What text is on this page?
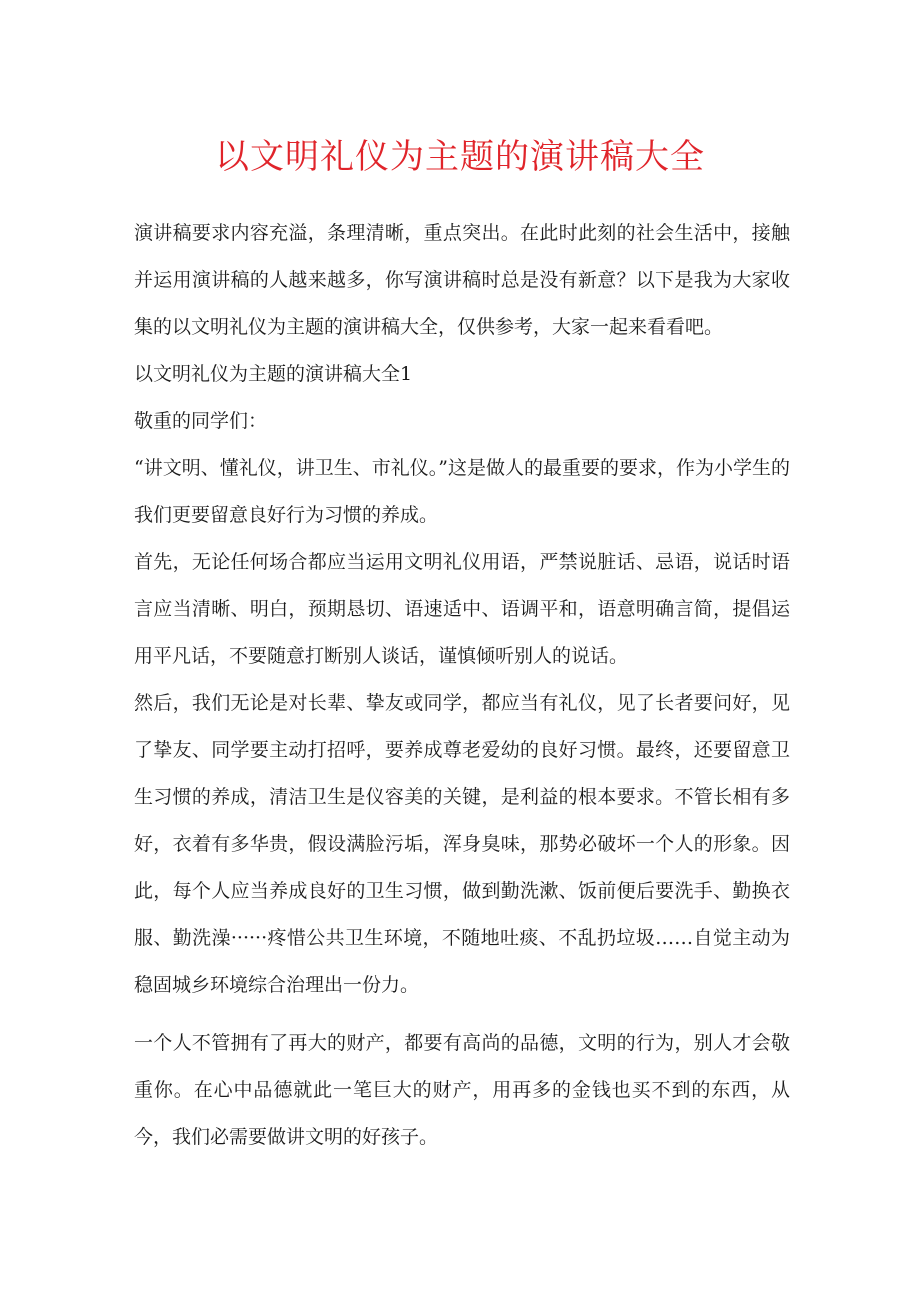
以文明礼仪为主题的演讲稿大全

演讲稿要求内容充溢，条理清晰，重点突出。在此时此刻的社会生活中，接触并运用演讲稿的人越来越多，你写演讲稿时总是没有新意？以下是我为大家收集的以文明礼仪为主题的演讲稿大全，仅供参考，大家一起来看看吧。

以文明礼仪为主题的演讲稿大全1

敬重的同学们：

“讲文明、懂礼仪，讲卫生、市礼仪。”这是做人的最重要的要求，作为小学生的我们更要留意良好行为习惯的养成。

首先，无论任何场合都应当运用文明礼仪用语，严禁说脏话、忌语，说话时语言应当清晰、明白，预期恳切、语速适中、语调平和，语意明确言简，提倡运用平凡话，不要随意打断别人谈话，谨慎倾听别人的说话。

然后，我们无论是对长辈、挚友或同学，都应当有礼仪，见了长者要问好，见了挚友、同学要主动打招呼，要养成尊老爱幼的良好习惯。最终，还要留意卫生习惯的养成，清洁卫生是仪容美的关键，是利益的根本要求。不管长相有多好，衣着有多华贵，假设满脸污垢，浑身臭味，那势必破坏一个人的形象。因此，每个人应当养成良好的卫生习惯，做到勤洗漱、饭前便后要洗手、勤换衣服、勤洗澡······疼惜公共卫生环境，不随地吐痰、不乱扔垃圾……自觉主动为稳固城乡环境综合治理出一份力。

一个人不管拥有了再大的财产，都要有高尚的品德，文明的行为，别人才会敬重你。在心中品德就此一笔巨大的财产，用再多的金钱也买不到的东西，从今，我们必需要做讲文明的好孩子。
